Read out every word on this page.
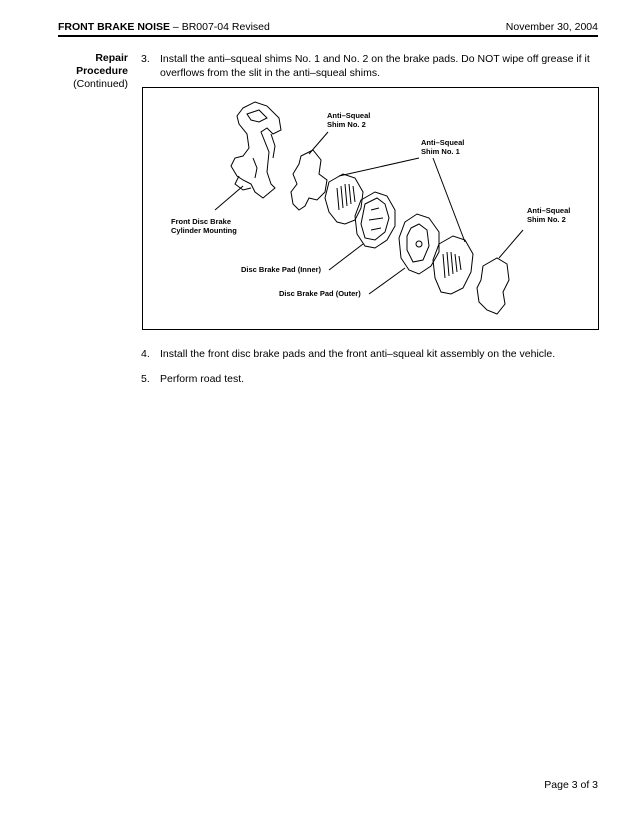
FRONT BRAKE NOISE – BR007-04 Revised	November 30, 2004
Repair
Procedure
(Continued)
3. Install the anti–squeal shims No. 1 and No. 2 on the brake pads. Do NOT wipe off grease if it overflows from the slit in the anti–squeal shims.
Anti–Squeal
Shim No. 2
Anti–Squeal
Shim No. 1
Anti–Squeal
Shim No. 2
Front Disc Brake
Cylinder Mounting
Disc Brake Pad (Inner)
Disc Brake Pad (Outer)
4. Install the front disc brake pads and the front anti–squeal kit assembly on the vehicle.
5. Perform road test.
Page 3 of 3
